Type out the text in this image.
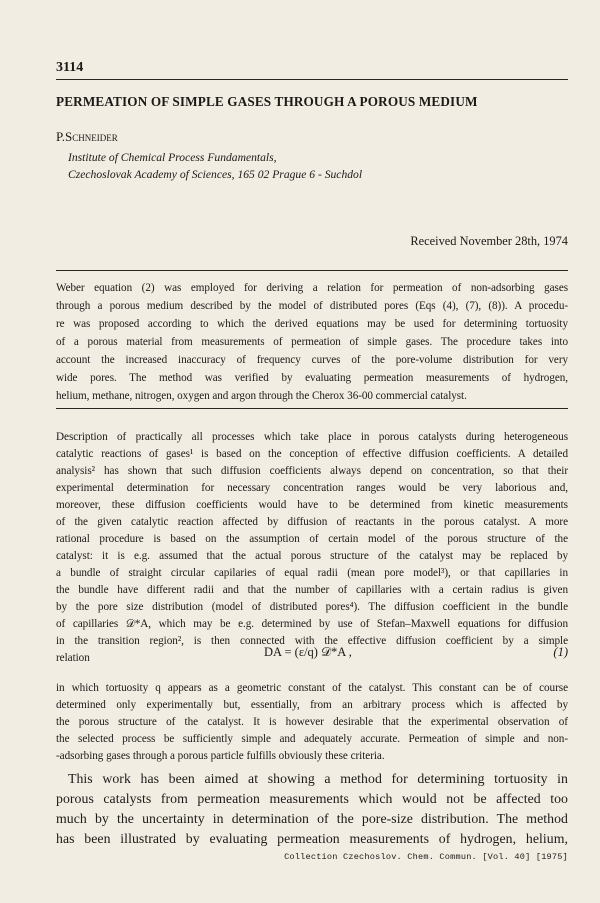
3114
PERMEATION OF SIMPLE GASES THROUGH A POROUS MEDIUM
P.Schneider
Institute of Chemical Process Fundamentals,
Czechoslovak Academy of Sciences, 165 02 Prague 6 - Suchdol
Received November 28th, 1974
Weber equation (2) was employed for deriving a relation for permeation of non-adsorbing gases
through a porous medium described by the model of distributed pores (Eqs (4), (7), (8)). A procedu-
re was proposed according to which the derived equations may be used for determining tortuosity
of a porous material from measurements of permeation of simple gases. The procedure takes into
account the increased inaccuracy of frequency curves of the pore-volume distribution for very
wide pores. The method was verified by evaluating permeation measurements of hydrogen,
helium, methane, nitrogen, oxygen and argon through the Cherox 36-00 commercial catalyst.
Description of practically all processes which take place in porous catalysts during heterogeneous
catalytic reactions of gases¹ is based on the conception of effective diffusion coefficients. A detailed
analysis² has shown that such diffusion coefficients always depend on concentration, so that their
experimental determination for necessary concentration ranges would be very laborious and,
moreover, these diffusion coefficients would have to be determined from kinetic measurements
of the given catalytic reaction affected by diffusion of reactants in the porous catalyst. A more
rational procedure is based on the assumption of certain model of the porous structure of the
catalyst: it is e.g. assumed that the actual porous structure of the catalyst may be replaced by
a bundle of straight circular capilaries of equal radii (mean pore model³), or that capillaries in
the bundle have different radii and that the number of capillaries with a certain radius is given
by the pore size distribution (model of distributed pores⁴). The diffusion coefficient in the bundle
of capillaries 𝒟*A, which may be e.g. determined by use of Stefan–Maxwell equations for diffusion
in the transition region², is then connected with the effective diffusion coefficient by a simple
relation	DA = (ε/q) 𝒟*A ,	(1)
in which tortuosity q appears as a geometric constant of the catalyst. This constant can be of course
determined only experimentally but, essentially, from an arbitrary process which is affected by
the porous structure of the catalyst. It is however desirable that the experimental observation of
the selected process be sufficiently simple and adequately accurate. Permeation of simple and non-
-adsorbing gases through a porous particle fulfills obviously these criteria.
This work has been aimed at showing a method for determining tortuosity in
porous catalysts from permeation measurements which would not be affected too
much by the uncertainty in determination of the pore-size distribution. The method
has been illustrated by evaluating permeation measurements of hydrogen, helium,
Collection Czechoslov. Chem. Commun. [Vol. 40] [1975]
